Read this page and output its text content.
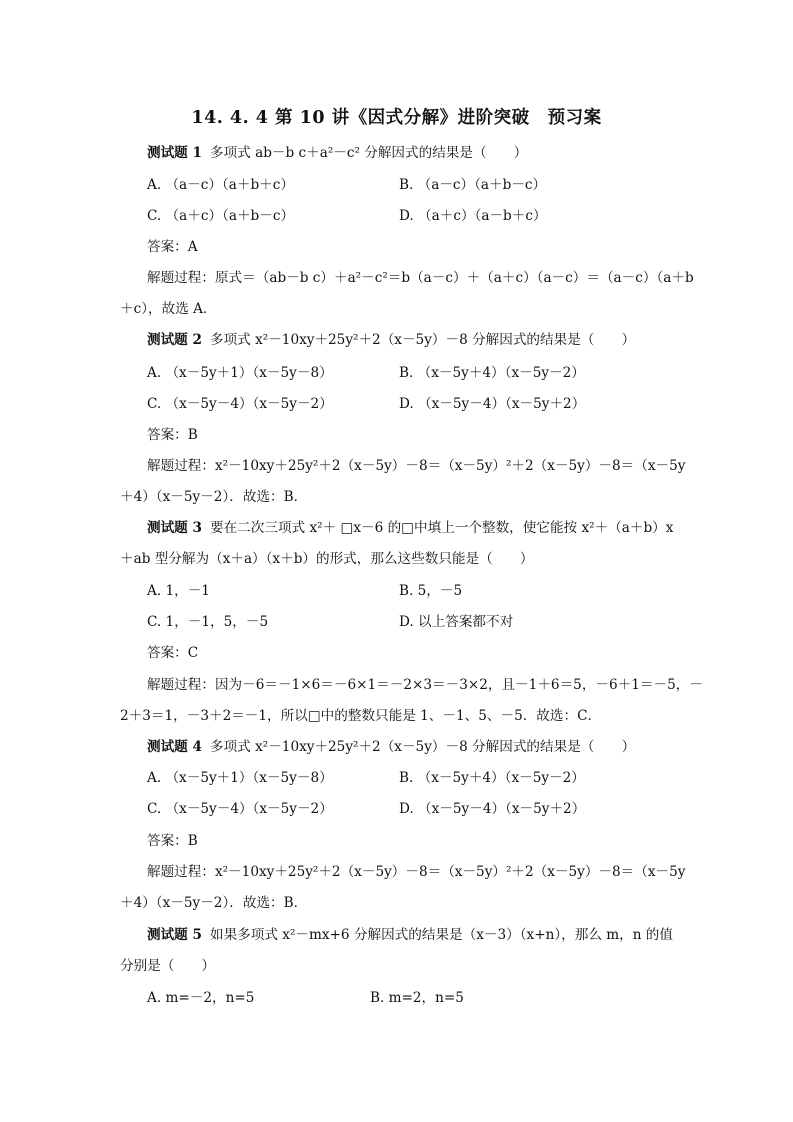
14. 4. 4 第 10 讲《因式分解》进阶突破　预习案
测试题 1 多项式 ab－b c＋a²－c² 分解因式的结果是（　　）
A. （a－c）（a＋b＋c）	B. （a－c）（a＋b－c）
C. （a＋c）（a＋b－c）	D. （a＋c）（a－b＋c）
答案：A
解题过程：原式＝（ab－b c）＋a²－c²＝b（a－c）＋（a＋c）（a－c）＝（a－c）（a＋b
＋c），故选 A．
测试题 2 多项式 x²－10xy＋25y²＋2（x－5y）－8 分解因式的结果是（　　）
A. （x－5y＋1）（x－5y－8）	B. （x－5y＋4）（x－5y－2）
C. （x－5y－4）（x－5y－2）	D. （x－5y－4）（x－5y＋2）
答案：B
解题过程：x²－10xy＋25y²＋2（x－5y）－8＝（x－5y）²＋2（x－5y）－8＝（x－5y
＋4）（x－5y－2）．故选：B．
测试题 3 要在二次三项式 x²＋ □x－6 的□中填上一个整数，使它能按 x²＋（a＋b）x
＋ab 型分解为（x＋a）（x＋b）的形式，那么这些数只能是（　　）
A. 1，－1	B. 5，－5
C. 1，－1，5，－5	D. 以上答案都不对
答案：C
解题过程：因为－6＝－1×6＝－6×1＝－2×3＝－3×2，且－1＋6＝5，－6＋1＝－5，－
2＋3＝1，－3＋2＝－1，所以□中的整数只能是 1、－1、5、－5．故选：C．
测试题 4 多项式 x²－10xy＋25y²＋2（x－5y）－8 分解因式的结果是（　　）
A. （x－5y＋1）（x－5y－8）	B. （x－5y＋4）（x－5y－2）
C. （x－5y－4）（x－5y－2）	D. （x－5y－4）（x－5y＋2）
答案：B
解题过程：x²－10xy＋25y²＋2（x－5y）－8＝（x－5y）²＋2（x－5y）－8＝（x－5y
＋4）（x－5y－2）．故选：B．
测试题 5 如果多项式 x²－mx+6 分解因式的结果是（x－3）（x+n），那么 m，n 的值
分别是（　　）
A. m=－2，n=5	B. m=2，n=5
